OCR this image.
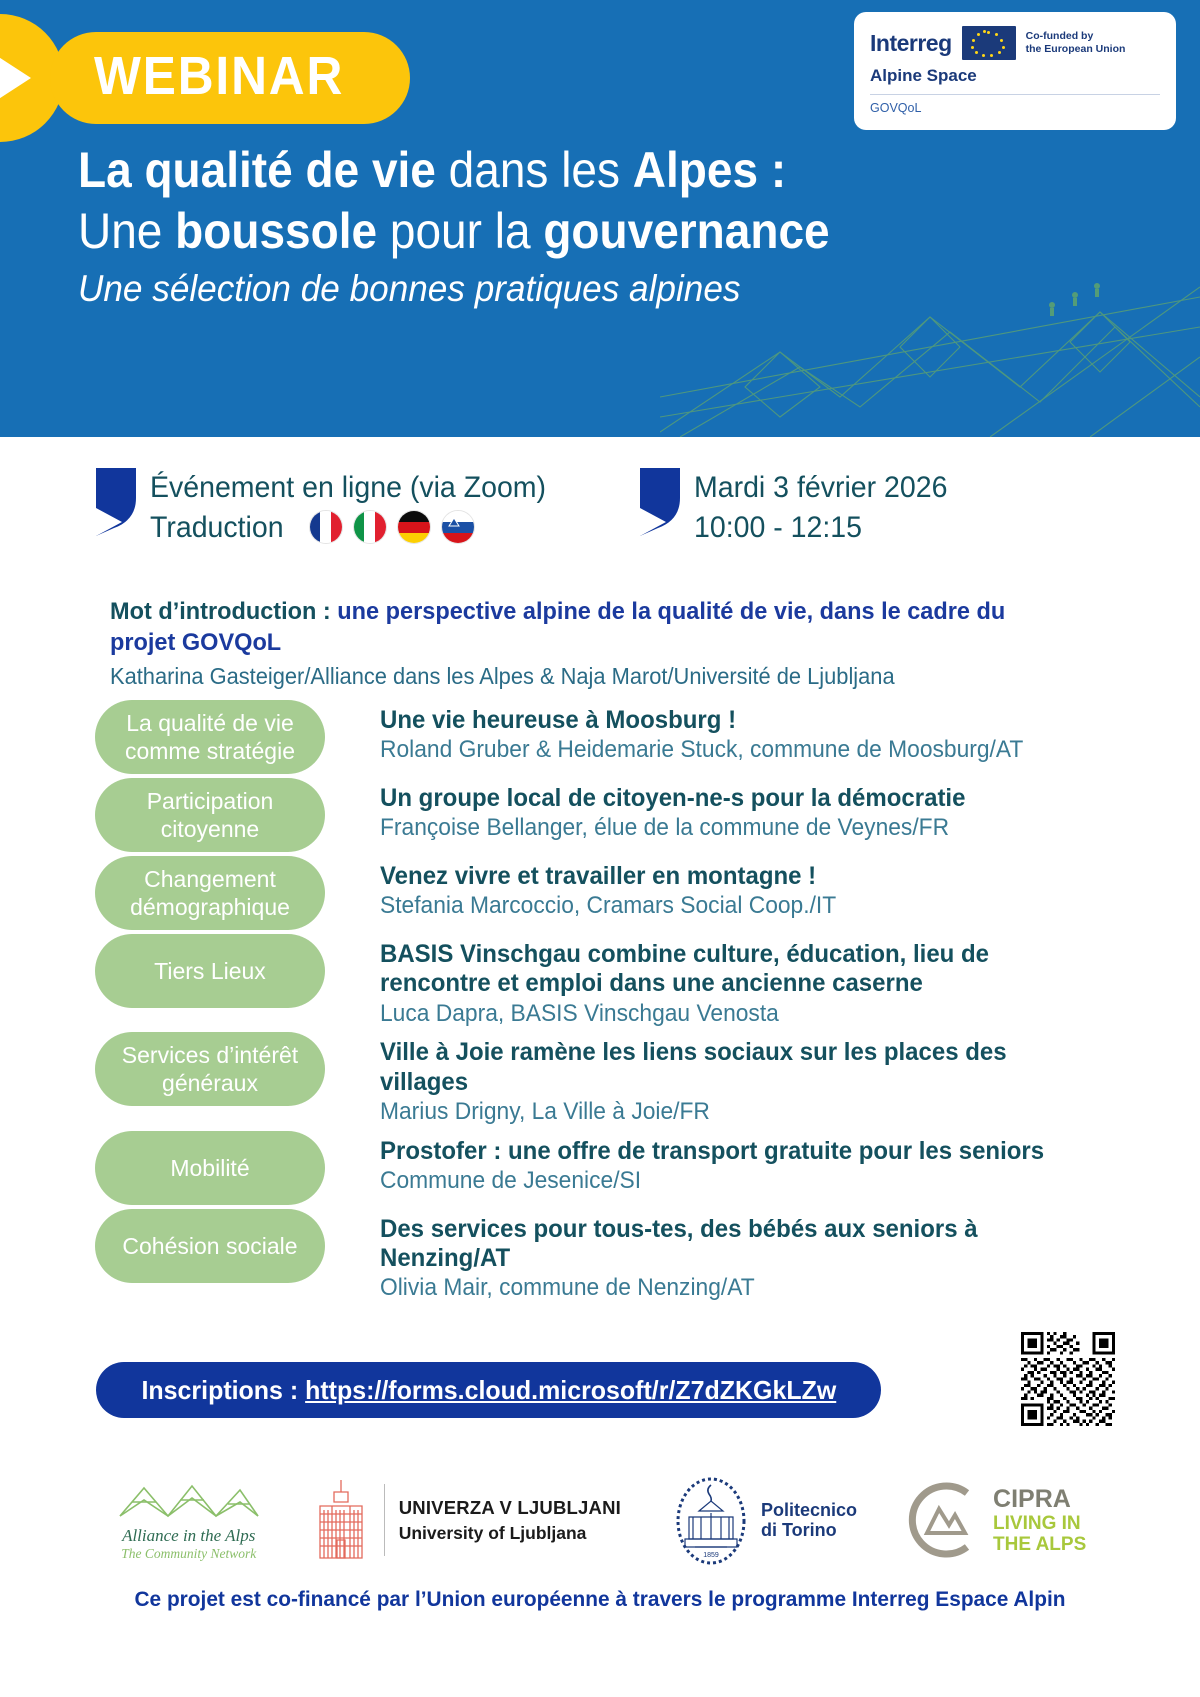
WEBINAR
Interreg	Co-funded by
the European Union
Alpine Space
GOVQoL
La qualité de vie dans les Alpes :
Une boussole pour la gouvernance
Une sélection de bonnes pratiques alpines
Événement en ligne (via Zoom)
Traduction
Mardi 3 février 2026
10:00 - 12:15
Mot d’introduction : une perspective alpine de la qualité de vie, dans le cadre du projet GOVQoL
Katharina Gasteiger/Alliance dans les Alpes & Naja Marot/Université de Ljubljana
La qualité de vie comme stratégie
Une vie heureuse à Moosburg !
Roland Gruber & Heidemarie Stuck, commune de Moosburg/AT
Participation citoyenne
Un groupe local de citoyen-ne-s pour la démocratie
Françoise Bellanger, élue de la commune de Veynes/FR
Changement démographique
Venez vivre et travailler en montagne !
Stefania Marcoccio, Cramars Social Coop./IT
Tiers Lieux
BASIS Vinschgau combine culture, éducation, lieu de rencontre et emploi dans une ancienne caserne
Luca Dapra, BASIS Vinschgau Venosta
Services d’intérêt généraux
Ville à Joie ramène les liens sociaux sur les places des villages
Marius Drigny, La Ville à Joie/FR
Mobilité
Prostofer : une offre de transport gratuite pour les seniors
Commune de Jesenice/SI
Cohésion sociale
Des services pour tous-tes, des bébés aux seniors à Nenzing/AT
Olivia Mair, commune de Nenzing/AT
Inscriptions : https://forms.cloud.microsoft/r/Z7dZKGkLZw
Alliance in the Alps
The Community Network
UNIVERZA V LJUBLJANI
University of Ljubljana
1859
Politecnico
di Torino
CIPRA
LIVING IN
THE ALPS
Ce projet est co-financé par l’Union européenne à travers le programme Interreg Espace Alpin
